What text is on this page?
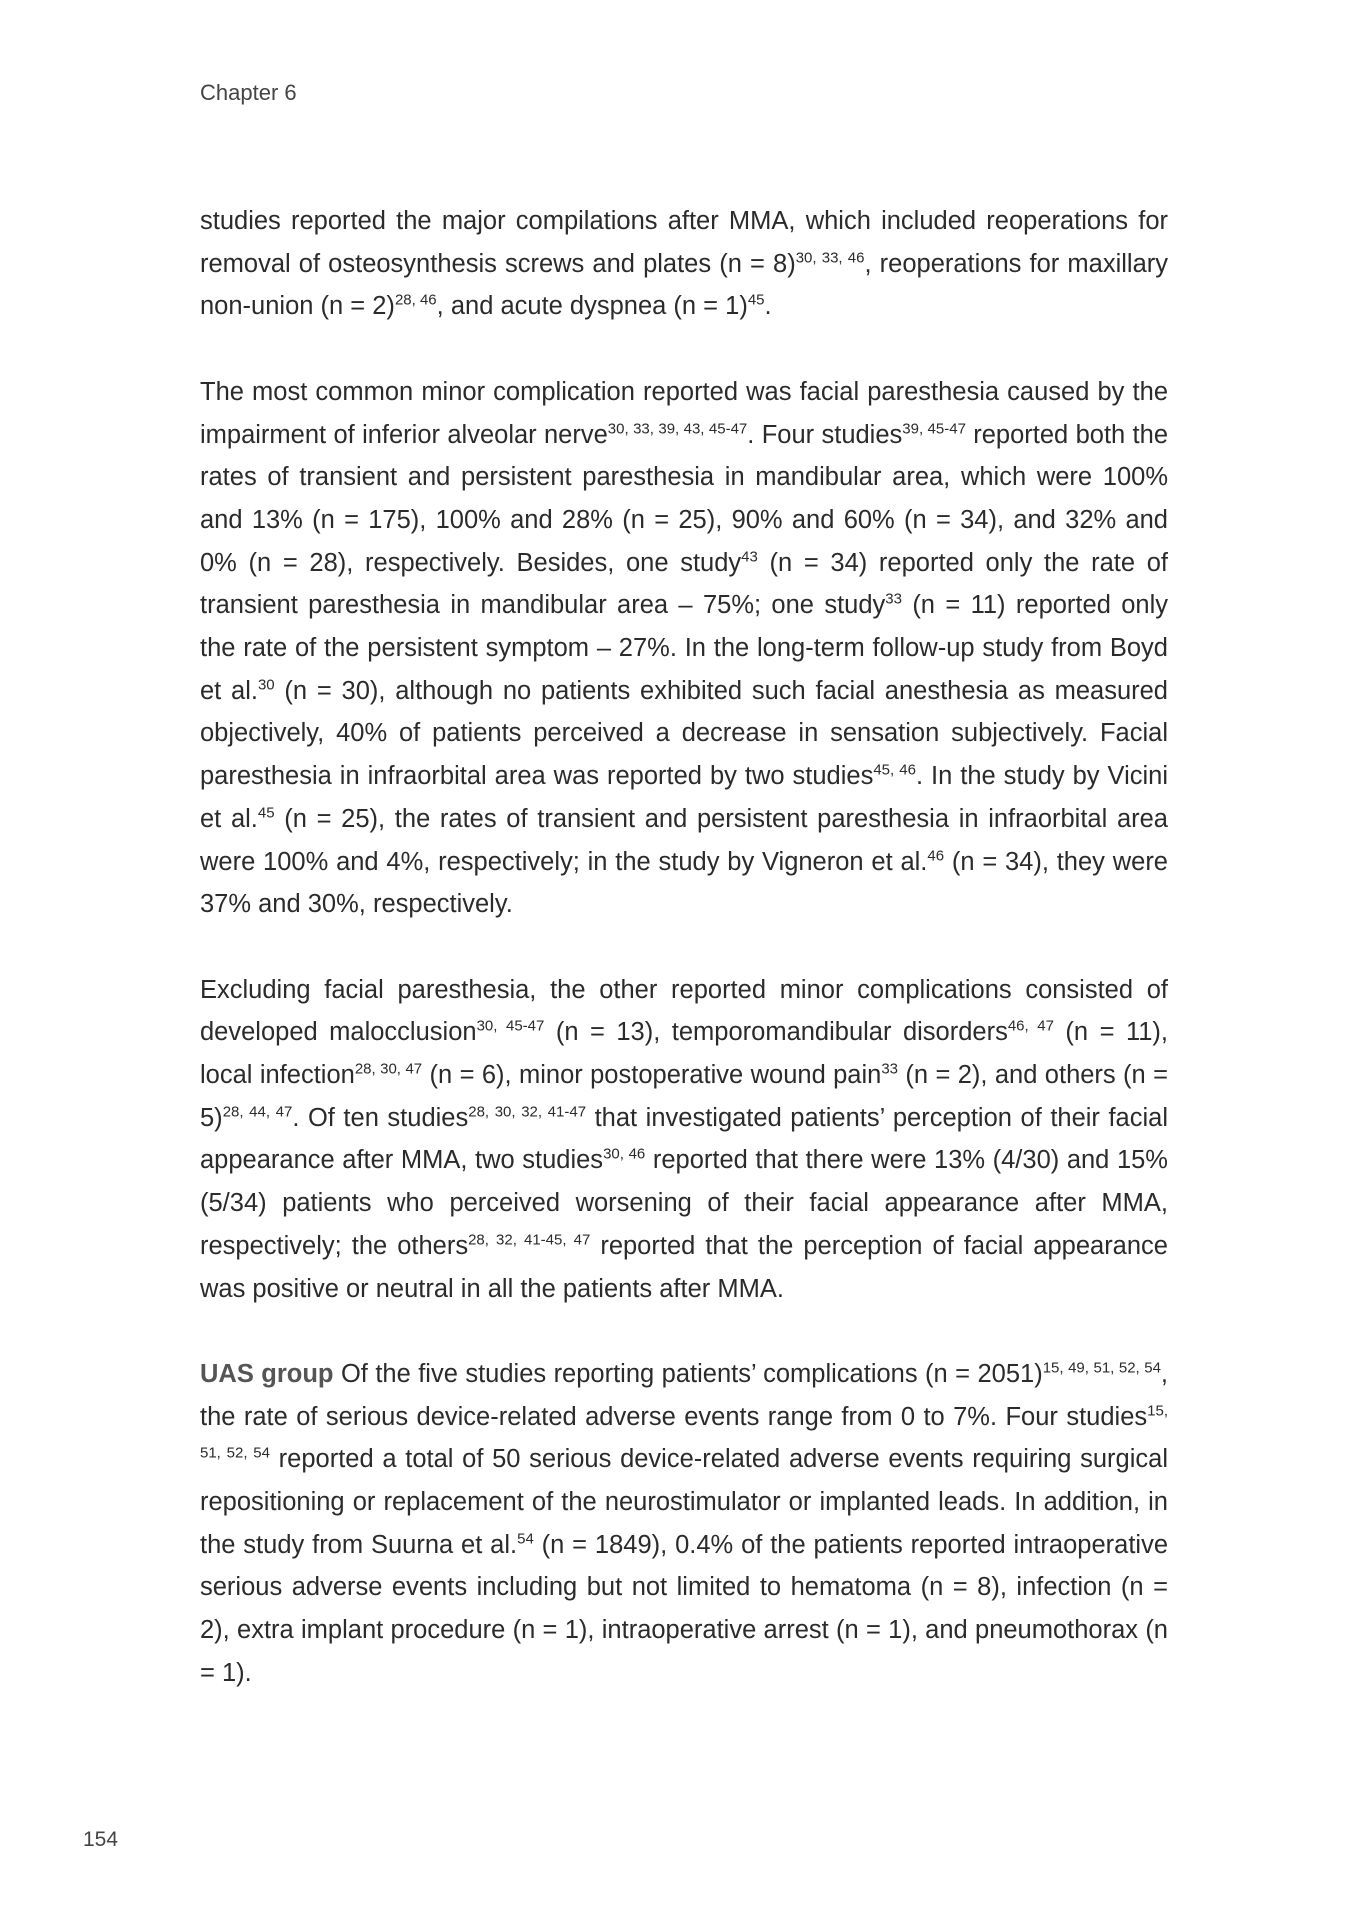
Chapter 6

studies reported the major compilations after MMA, which included reoperations for removal of osteosynthesis screws and plates (n = 8)$^{30, 33, 46}$, reoperations for maxillary non-union (n = 2)$^{28, 46}$, and acute dyspnea (n = 1)$^{45}$.

The most common minor complication reported was facial paresthesia caused by the impairment of inferior alveolar nerve$^{30, 33, 39, 43, 45-47}$. Four studies$^{39, 45-47}$ reported both the rates of transient and persistent paresthesia in mandibular area, which were 100% and 13% (n = 175), 100% and 28% (n = 25), 90% and 60% (n = 34), and 32% and 0% (n = 28), respectively. Besides, one study$^{43}$ (n = 34) reported only the rate of transient paresthesia in mandibular area – 75%; one study$^{33}$ (n = 11) reported only the rate of the persistent symptom – 27%. In the long-term follow-up study from Boyd et al.$^{30}$ (n = 30), although no patients exhibited such facial anesthesia as measured objectively, 40% of patients perceived a decrease in sensation subjectively. Facial paresthesia in infraorbital area was reported by two studies$^{45, 46}$. In the study by Vicini et al.$^{45}$ (n = 25), the rates of transient and persistent paresthesia in infraorbital area were 100% and 4%, respectively; in the study by Vigneron et al.$^{46}$ (n = 34), they were 37% and 30%, respectively.

Excluding facial paresthesia, the other reported minor complications consisted of developed malocclusion$^{30, 45-47}$ (n = 13), temporomandibular disorders$^{46, 47}$ (n = 11), local infection$^{28, 30, 47}$ (n = 6), minor postoperative wound pain$^{33}$ (n = 2), and others (n = 5)$^{28, 44, 47}$. Of ten studies$^{28, 30, 32, 41-47}$ that investigated patients’ perception of their facial appearance after MMA, two studies$^{30, 46}$ reported that there were 13% (4/30) and 15% (5/34) patients who perceived worsening of their facial appearance after MMA, respectively; the others$^{28, 32, 41-45, 47}$ reported that the perception of facial appearance was positive or neutral in all the patients after MMA.

UAS group Of the five studies reporting patients’ complications (n = 2051)$^{15, 49, 51, 52, 54}$, the rate of serious device-related adverse events range from 0 to 7%. Four studies$^{15, 51, 52, 54}$ reported a total of 50 serious device-related adverse events requiring surgical repositioning or replacement of the neurostimulator or implanted leads. In addition, in the study from Suurna et al.$^{54}$ (n = 1849), 0.4% of the patients reported intraoperative serious adverse events including but not limited to hematoma (n = 8), infection (n = 2), extra implant procedure (n = 1), intraoperative arrest (n = 1), and pneumothorax (n = 1).

154
